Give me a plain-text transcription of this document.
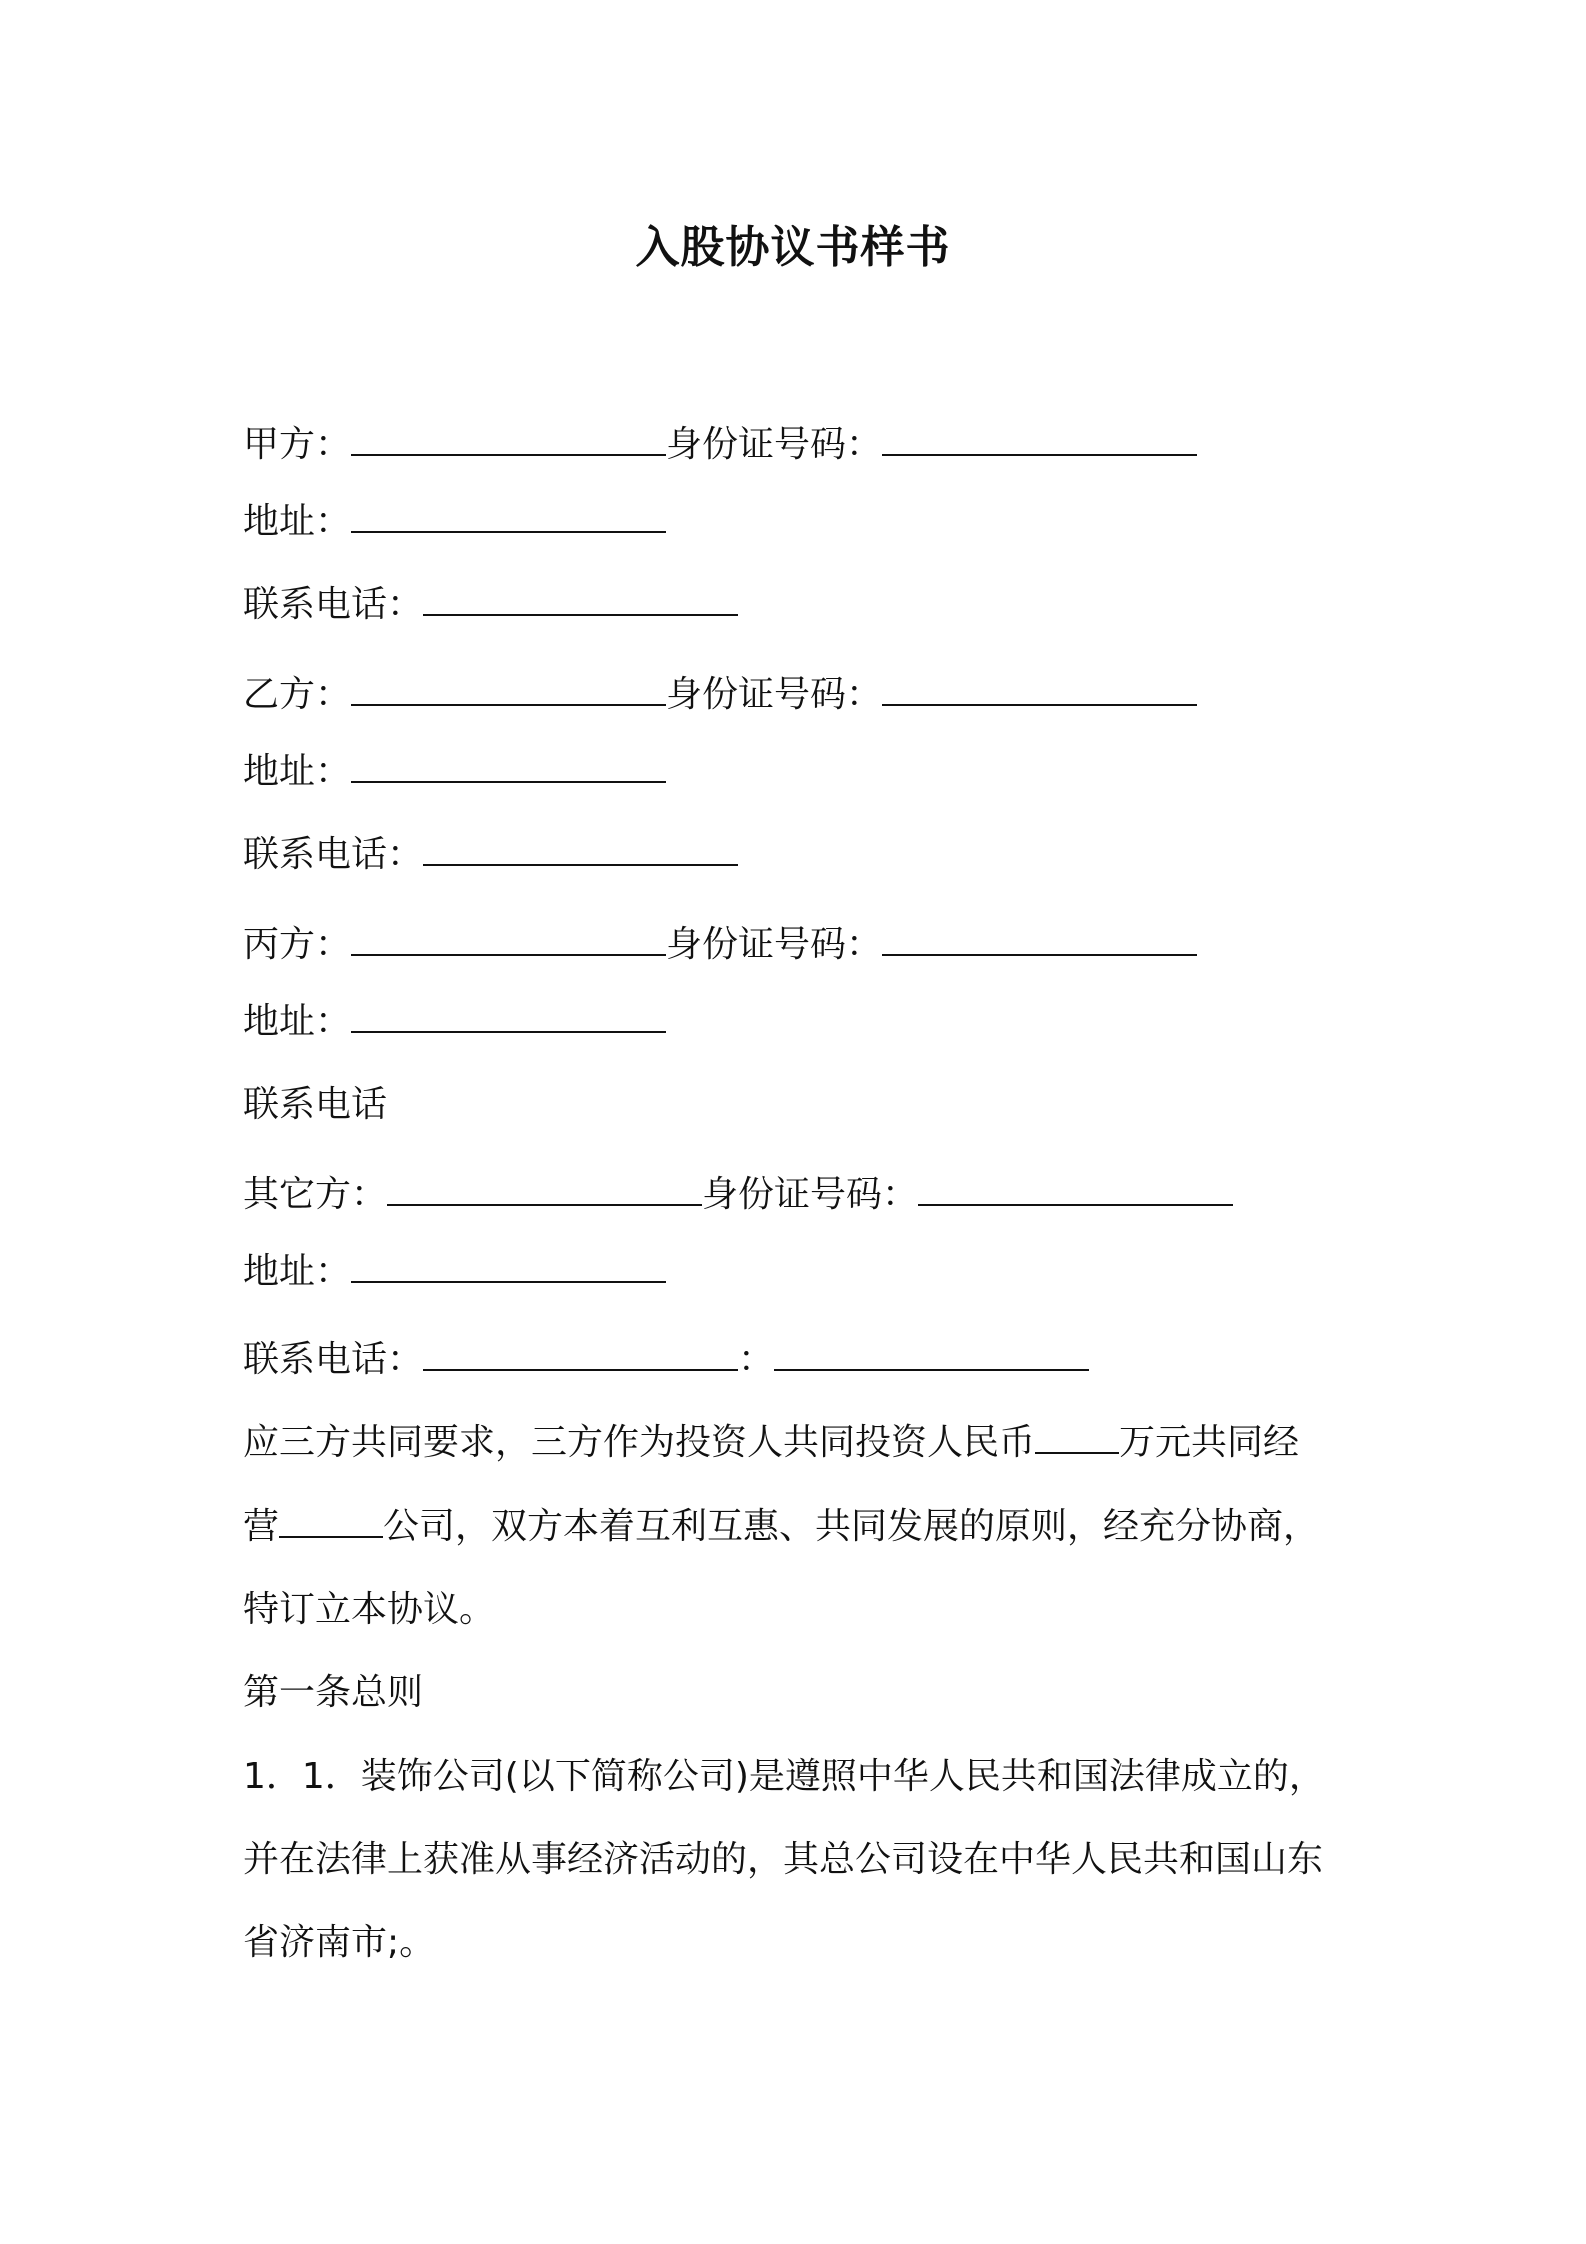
入股协议书样书
甲方：	身份证号码：
地址：
联系电话：
乙方：	身份证号码：
地址：
联系电话：
丙方：	身份证号码：
地址：
联系电话
其它方：	身份证号码：
地址：
联系电话：	：
应三方共同要求，三方作为投资人共同投资人民币 万元共同经
营	公司，双方本着互利互惠、共同发展的原则，经充分协商，
特订立本协议。
第一条总则
1．1．装饰公司(以下简称公司)是遵照中华人民共和国法律成立的，
并在法律上获准从事经济活动的，其总公司设在中华人民共和国山东
省济南市;。
